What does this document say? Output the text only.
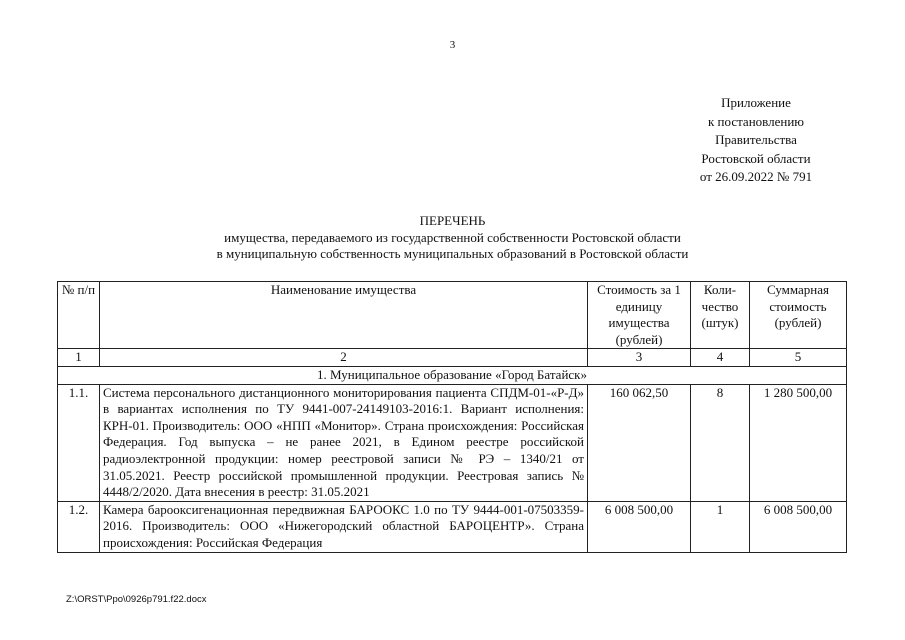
3
Приложение
к постановлению
Правительства
Ростовской области
от 26.09.2022 № 791
ПЕРЕЧЕНЬ
имущества, передаваемого из государственной собственности Ростовской области
в муниципальную собственность муниципальных образований в Ростовской области
№ п/п	Наименование имущества	Стоимость за 1 единицу имущества (рублей)	Коли-чество (штук)	Суммарная стоимость (рублей)
1	2	3	4	5
1. Муниципальное образование «Город Батайск»				
1.1.	Система персонального дистанционного мониторирования пациента СПДМ-01-«Р-Д» в вариантах исполнения по ТУ 9441-007-24149103-2016:1. Вариант исполнения: КРН-01. Производитель: ООО «НПП «Монитор». Страна происхождения: Российская Федерация. Год выпуска – не ранее 2021, в Едином реестре российской радиоэлектронной продукции: номер реестровой записи № РЭ – 1340/21 от 31.05.2021. Реестр российской промышленной продукции. Реестровая запись № 4448/2/2020. Дата внесения в реестр: 31.05.2021	160 062,50	8	1 280 500,00
1.2.	Камера барооксигенационная передвижная БАРООКС 1.0 по ТУ 9444-001-07503359-2016. Производитель: ООО «Нижегородский областной БАРОЦЕНТР». Страна происхождения: Российская Федерация	6 008 500,00	1	6 008 500,00
Z:\ORST\Ppo\0926p791.f22.docx
